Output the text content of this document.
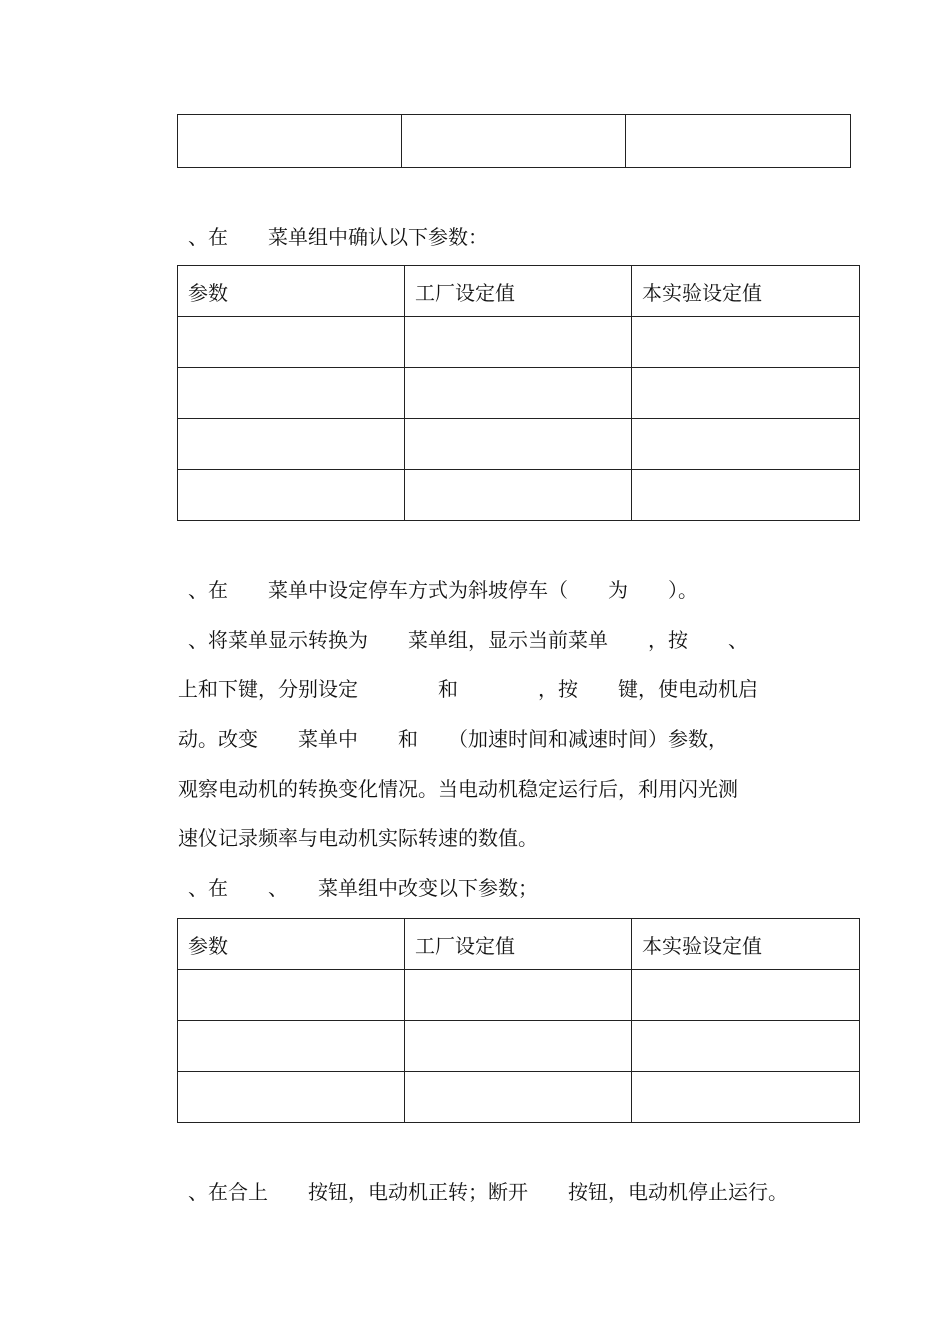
、在　　菜单组中确认以下参数：

参数	工厂设定值	本实验设定值

、在　　菜单中设定停车方式为斜坡停车（　　为　　）。

、将菜单显示转换为　　菜单组，显示当前菜单　　，按　　、

上和下键，分别设定　　　　和　　　　，按　　键，使电动机启

动。改变　　菜单中　　和　　（加速时间和减速时间）参数，

观察电动机的转换变化情况。当电动机稳定运行后，利用闪光测

速仪记录频率与电动机实际转速的数值。

、在　　、　　菜单组中改变以下参数；

参数	工厂设定值	本实验设定值

、在合上　　按钮，电动机正转；断开　　按钮，电动机停止运行。
